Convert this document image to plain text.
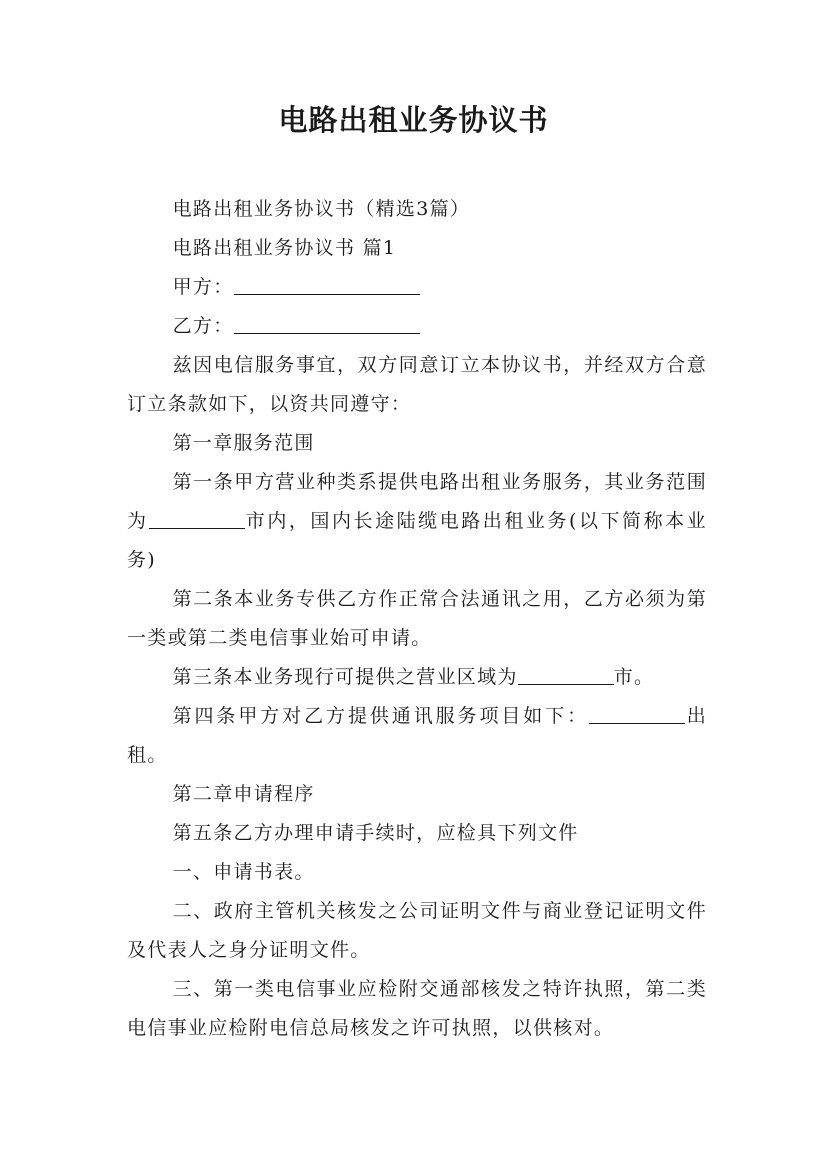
电路出租业务协议书

电路出租业务协议书（精选3篇）

电路出租业务协议书 篇1

甲方：

乙方：

兹因电信服务事宜，双方同意订立本协议书，并经双方合意订立条款如下，以资共同遵守：

第一章服务范围

第一条甲方营业种类系提供电路出租业务服务，其业务范围为	市内，国内长途陆缆电路出租业务(以下简称本业务)

第二条本业务专供乙方作正常合法通讯之用，乙方必须为第一类或第二类电信事业始可申请。

第三条本业务现行可提供之营业区域为	市。

第四条甲方对乙方提供通讯服务项目如下：	出租。

第二章申请程序

第五条乙方办理申请手续时，应检具下列文件

一、申请书表。

二、政府主管机关核发之公司证明文件与商业登记证明文件及代表人之身分证明文件。

三、第一类电信事业应检附交通部核发之特许执照，第二类电信事业应检附电信总局核发之许可执照，以供核对。
